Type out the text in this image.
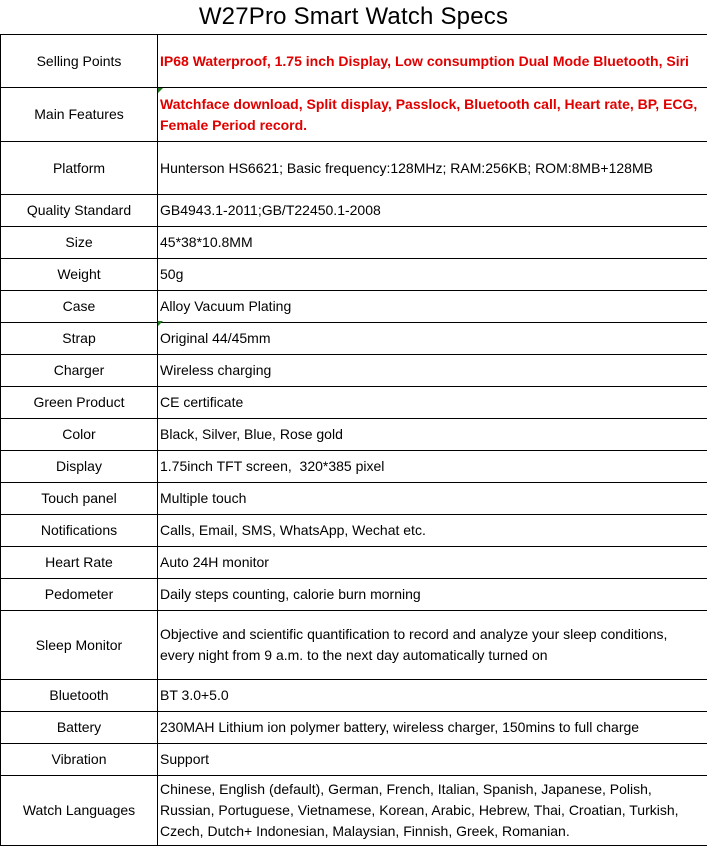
W27Pro Smart Watch Specs
Selling Points	IP68 Waterproof, 1.75 inch Display, Low consumption Dual Mode Bluetooth, Siri
Main Features	Watchface download, Split display, Passlock, Bluetooth call, Heart rate, BP, ECG, Female Period record.
Platform	Hunterson HS6621; Basic frequency:128MHz; RAM:256KB; ROM:8MB+128MB
Quality Standard	GB4943.1-2011;GB/T22450.1-2008
Size	45*38*10.8MM
Weight	50g
Case	Alloy Vacuum Plating
Strap	Original 44/45mm
Charger	Wireless charging
Green Product	CE certificate
Color	Black, Silver, Blue, Rose gold
Display	1.75inch TFT screen,  320*385 pixel
Touch panel	Multiple touch
Notifications	Calls, Email, SMS, WhatsApp, Wechat etc.
Heart Rate	Auto 24H monitor
Pedometer	Daily steps counting, calorie burn morning
Sleep Monitor	Objective and scientific quantification to record and analyze your sleep conditions, every night from 9 a.m. to the next day automatically turned on
Bluetooth	BT 3.0+5.0
Battery	230MAH Lithium ion polymer battery, wireless charger, 150mins to full charge
Vibration	Support
Watch Languages	Chinese, English (default), German, French, Italian, Spanish, Japanese, Polish, Russian, Portuguese, Vietnamese, Korean, Arabic, Hebrew, Thai, Croatian, Turkish, Czech, Dutch+ Indonesian, Malaysian, Finnish, Greek, Romanian.
